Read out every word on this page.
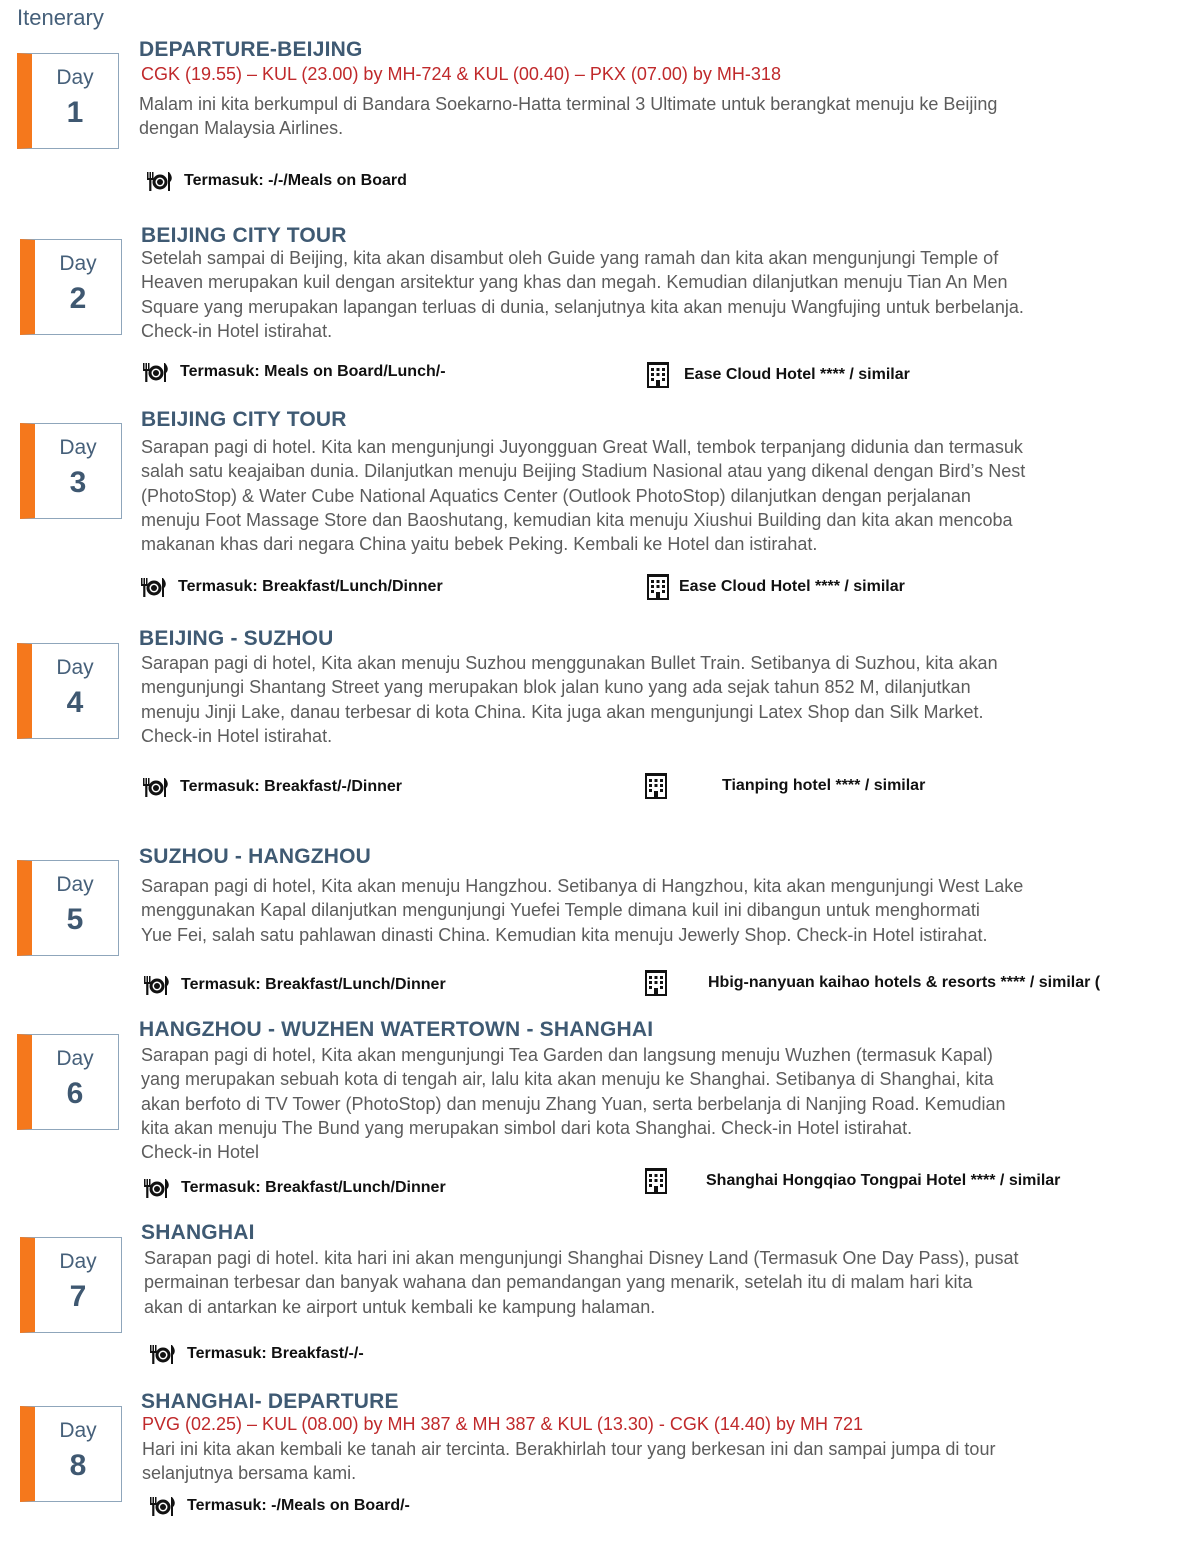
Itenerary
Day
1
DEPARTURE-BEIJING
CGK (19.55) – KUL (23.00) by MH-724 & KUL (00.40) – PKX (07.00) by MH-318
Malam ini kita berkumpul di Bandara Soekarno-Hatta terminal 3 Ultimate untuk berangkat menuju ke Beijing
dengan Malaysia Airlines.
Termasuk: -/-/Meals on Board
Day
2
BEIJING CITY TOUR
Setelah sampai di Beijing, kita akan disambut oleh Guide yang ramah dan kita akan mengunjungi Temple of
Heaven merupakan kuil dengan arsitektur yang khas dan megah. Kemudian dilanjutkan menuju Tian An Men
Square yang merupakan lapangan terluas di dunia, selanjutnya kita akan menuju Wangfujing untuk berbelanja.
Check-in Hotel istirahat.
Termasuk: Meals on Board/Lunch/-	Ease Cloud Hotel **** / similar
Day
3
BEIJING CITY TOUR
Sarapan pagi di hotel. Kita kan mengunjungi Juyongguan Great Wall, tembok terpanjang didunia dan termasuk
salah satu keajaiban dunia. Dilanjutkan menuju Beijing Stadium Nasional atau yang dikenal dengan Bird’s Nest
(PhotoStop) & Water Cube National Aquatics Center (Outlook PhotoStop) dilanjutkan dengan perjalanan
menuju Foot Massage Store dan Baoshutang, kemudian kita menuju Xiushui Building dan kita akan mencoba
makanan khas dari negara China yaitu bebek Peking. Kembali ke Hotel dan istirahat.
Termasuk: Breakfast/Lunch/Dinner	Ease Cloud Hotel **** / similar
Day
4
BEIJING - SUZHOU
Sarapan pagi di hotel, Kita akan menuju Suzhou menggunakan Bullet Train. Setibanya di Suzhou, kita akan
mengunjungi Shantang Street yang merupakan blok jalan kuno yang ada sejak tahun 852 M, dilanjutkan
menuju Jinji Lake, danau terbesar di kota China. Kita juga akan mengunjungi Latex Shop dan Silk Market.
Check-in Hotel istirahat.
Termasuk: Breakfast/-/Dinner	Tianping hotel **** / similar
Day
5
SUZHOU - HANGZHOU
Sarapan pagi di hotel, Kita akan menuju Hangzhou. Setibanya di Hangzhou, kita akan mengunjungi West Lake
menggunakan Kapal dilanjutkan mengunjungi Yuefei Temple dimana kuil ini dibangun untuk menghormati
Yue Fei, salah satu pahlawan dinasti China. Kemudian kita menuju Jewerly Shop. Check-in Hotel istirahat.
Termasuk: Breakfast/Lunch/Dinner	Hbig-nanyuan kaihao hotels & resorts **** / similar (
Day
6
HANGZHOU - WUZHEN WATERTOWN - SHANGHAI
Sarapan pagi di hotel, Kita akan mengunjungi Tea Garden dan langsung menuju Wuzhen (termasuk Kapal)
yang merupakan sebuah kota di tengah air, lalu kita akan menuju ke Shanghai. Setibanya di Shanghai, kita
akan berfoto di TV Tower (PhotoStop) dan menuju Zhang Yuan, serta berbelanja di Nanjing Road. Kemudian
kita akan menuju The Bund yang merupakan simbol dari kota Shanghai. Check-in Hotel istirahat.
Check-in Hotel
Termasuk: Breakfast/Lunch/Dinner	Shanghai Hongqiao Tongpai Hotel **** / similar
Day
7
SHANGHAI
Sarapan pagi di hotel. kita hari ini akan mengunjungi Shanghai Disney Land (Termasuk One Day Pass), pusat
permainan terbesar dan banyak wahana dan pemandangan yang menarik, setelah itu di malam hari kita
akan di antarkan ke airport untuk kembali ke kampung halaman.
Termasuk: Breakfast/-/-
Day
8
SHANGHAI- DEPARTURE
PVG (02.25) – KUL (08.00) by MH 387 & MH 387 & KUL (13.30) - CGK (14.40) by MH 721
Hari ini kita akan kembali ke tanah air tercinta. Berakhirlah tour yang berkesan ini dan sampai jumpa di tour
selanjutnya bersama kami.
Termasuk: -/Meals on Board/-
